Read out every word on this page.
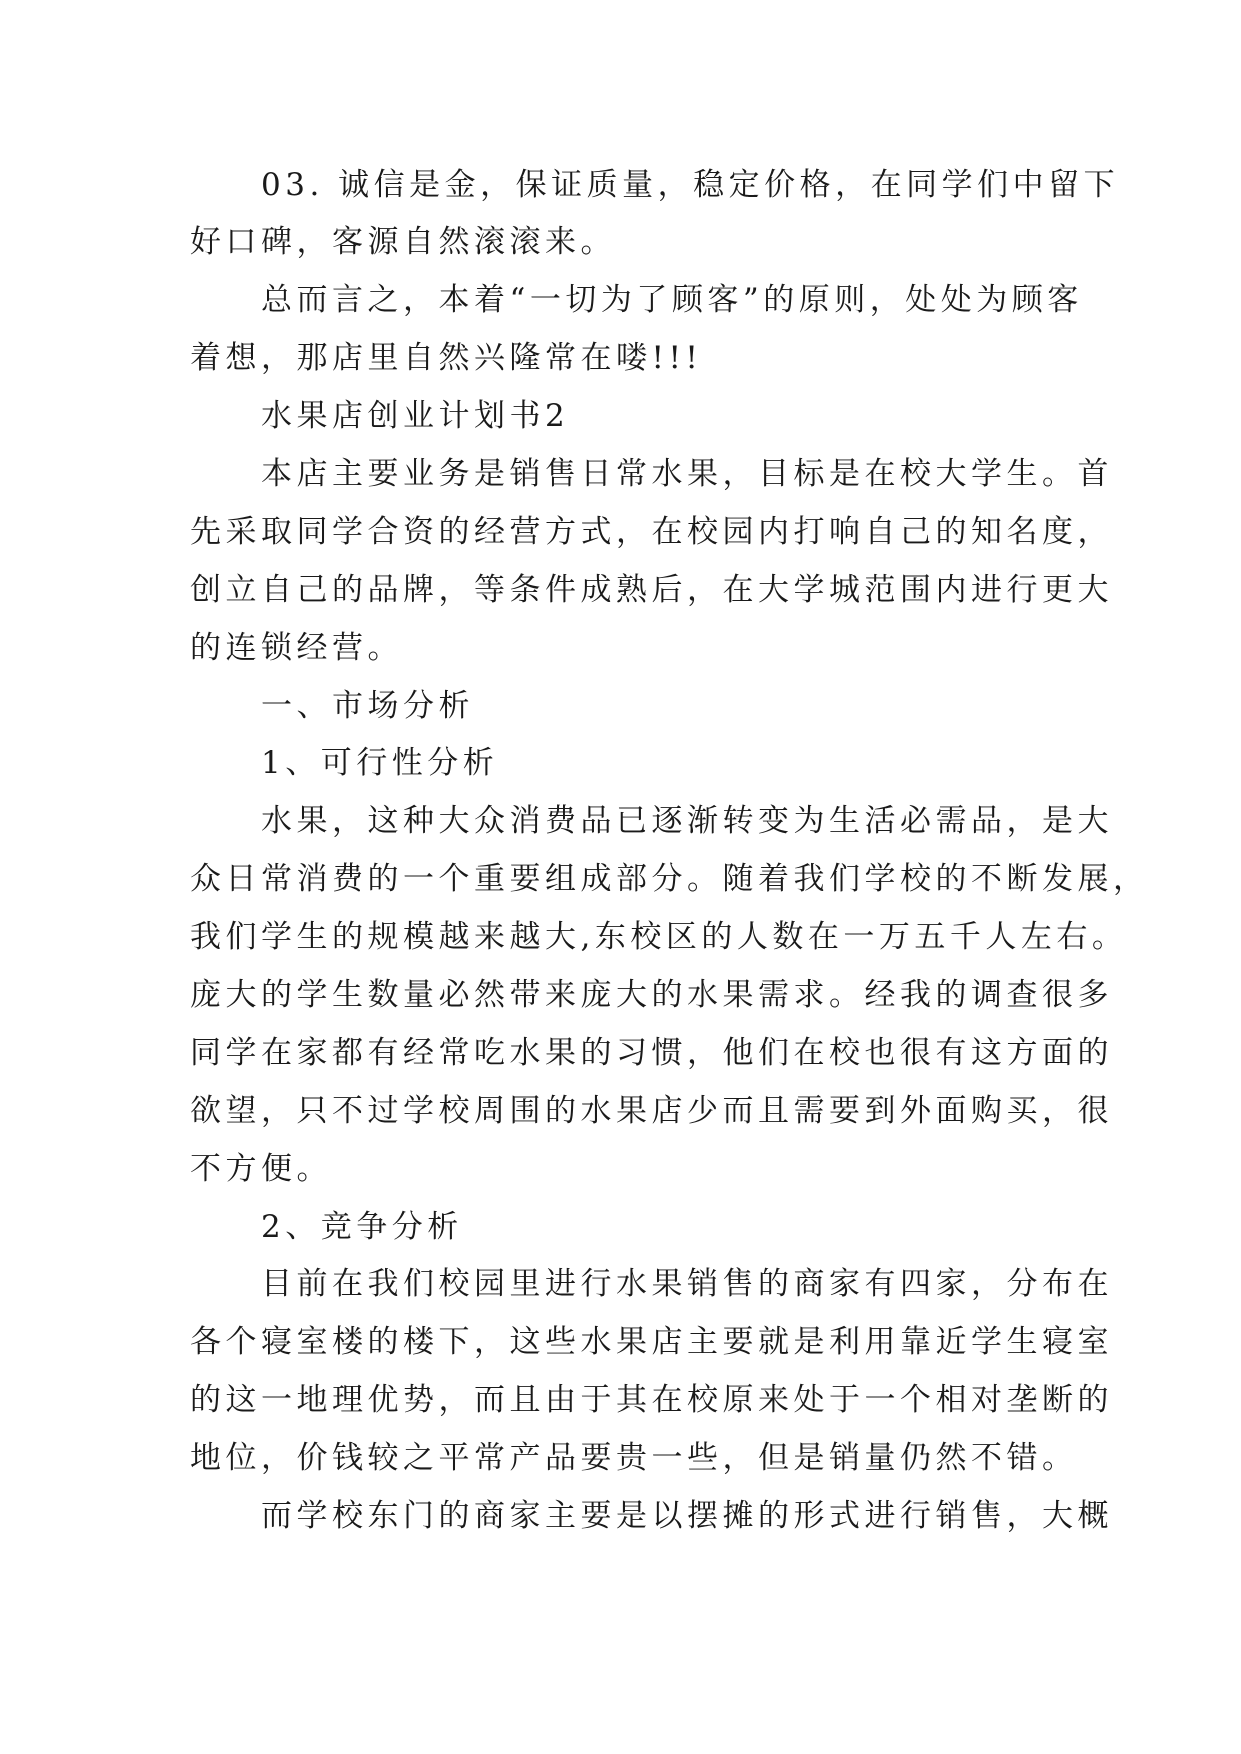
　　03. 诚信是金，保证质量，稳定价格，在同学们中留下
好口碑，客源自然滚滚来。
　　总而言之，本着“一切为了顾客”的原则，处处为顾客
着想，那店里自然兴隆常在喽!!!
　　水果店创业计划书2
　　本店主要业务是销售日常水果，目标是在校大学生。首
先采取同学合资的经营方式，在校园内打响自己的知名度，
创立自己的品牌，等条件成熟后，在大学城范围内进行更大
的连锁经营。
　　一、市场分析
　　1、可行性分析
　　水果，这种大众消费品已逐渐转变为生活必需品，是大
众日常消费的一个重要组成部分。随着我们学校的不断发展，
我们学生的规模越来越大,东校区的人数在一万五千人左右。
庞大的学生数量必然带来庞大的水果需求。经我的调查很多
同学在家都有经常吃水果的习惯，他们在校也很有这方面的
欲望，只不过学校周围的水果店少而且需要到外面购买，很
不方便。
　　2、竞争分析
　　目前在我们校园里进行水果销售的商家有四家，分布在
各个寝室楼的楼下，这些水果店主要就是利用靠近学生寝室
的这一地理优势，而且由于其在校原来处于一个相对垄断的
地位，价钱较之平常产品要贵一些，但是销量仍然不错。
　　而学校东门的商家主要是以摆摊的形式进行销售，大概
